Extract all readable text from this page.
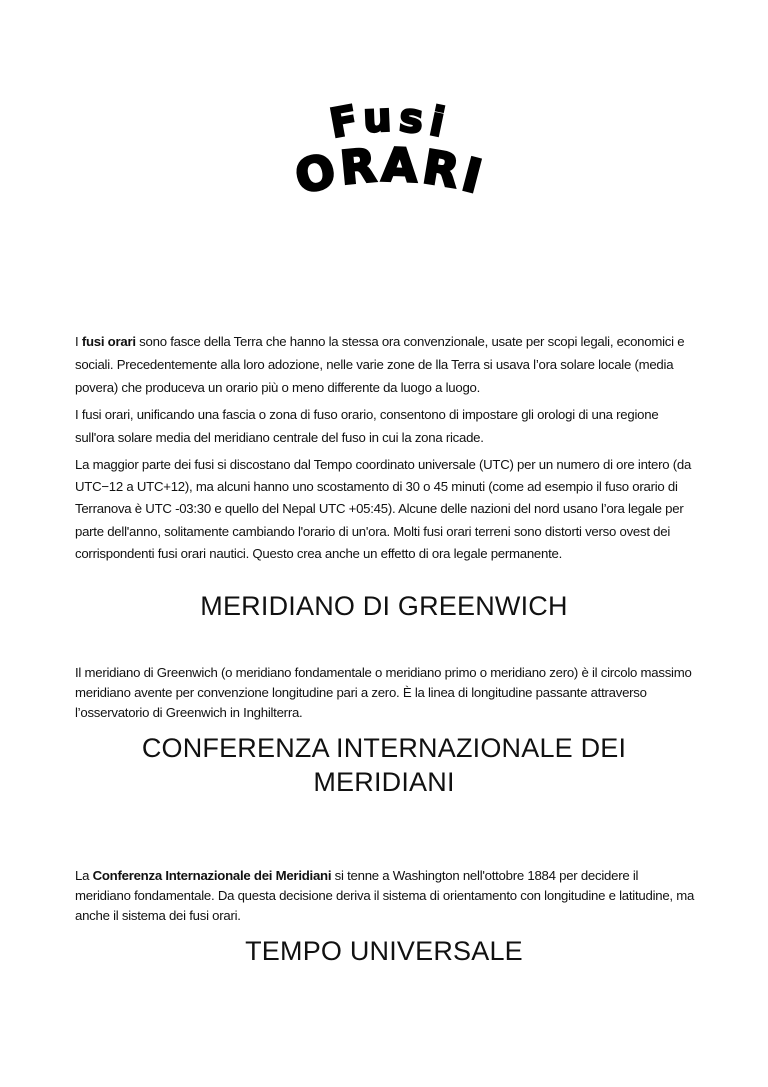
Fusi
ORARI

I fusi orari sono fasce della Terra che hanno la stessa ora convenzionale, usate per scopi legali, economici e sociali. Precedentemente alla loro adozione, nelle varie zone de lla Terra si usava l’ora solare locale (media povera) che produceva un orario più o meno differente da luogo a luogo.

I fusi orari, unificando una fascia o zona di fuso orario, consentono di impostare gli orologi di una regione sull'ora solare media del meridiano centrale del fuso in cui la zona ricade.

La maggior parte dei fusi si discostano dal Tempo coordinato universale (UTC) per un numero di ore intero (da UTC−12 a UTC+12), ma alcuni hanno uno scostamento di 30 o 45 minuti (come ad esempio il fuso orario di Terranova è UTC -03:30 e quello del Nepal UTC +05:45). Alcune delle nazioni del nord usano l’ora legale per parte dell'anno, solitamente cambiando l'orario di un'ora. Molti fusi orari terreni sono distorti verso ovest dei corrispondenti fusi orari nautici. Questo crea anche un effetto di ora legale permanente.

MERIDIANO DI GREENWICH

Il meridiano di Greenwich (o meridiano fondamentale o meridiano primo o meridiano zero) è il circolo massimo meridiano avente per convenzione longitudine pari a zero. È la linea di longitudine passante attraverso l’osservatorio di Greenwich in Inghilterra.

CONFERENZA INTERNAZIONALE DEI
MERIDIANI

La Conferenza Internazionale dei Meridiani si tenne a Washington nell'ottobre 1884 per decidere il meridiano fondamentale. Da questa decisione deriva il sistema di orientamento con longitudine e latitudine, ma anche il sistema dei fusi orari.

TEMPO UNIVERSALE
